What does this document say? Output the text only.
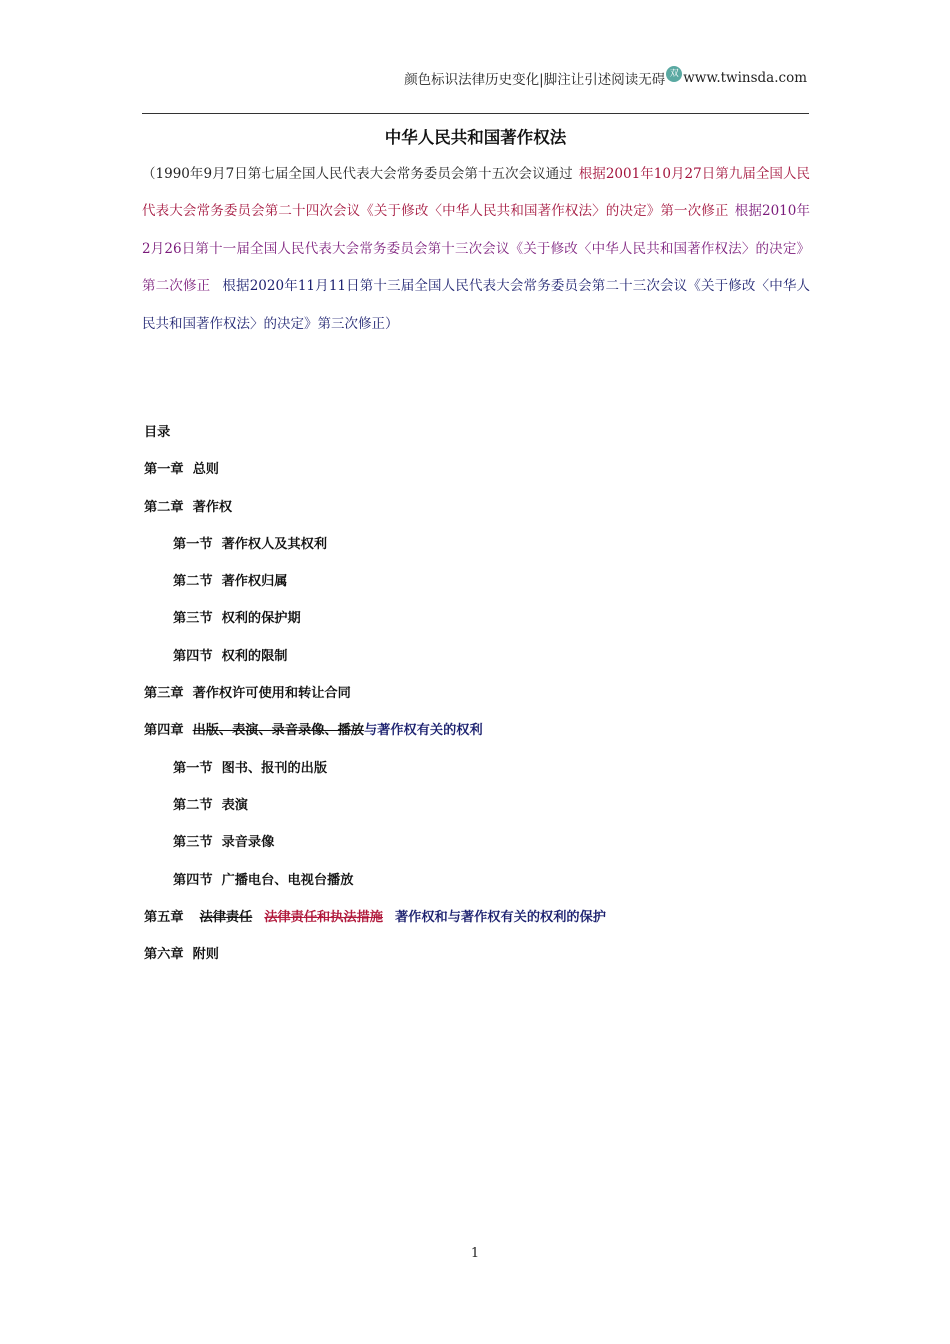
颜色标识法律历史变化|脚注让引述阅读无碍 双 www.twinsda.com
中华人民共和国著作权法

（1990年9月7日第七届全国人民代表大会常务委员会第十五次会议通过 根据2001年10月27日第九届全国人民代表大会常务委员会第二十四次会议《关于修改〈中华人民共和国著作权法〉的决定》第一次修正 根据2010年2月26日第十一届全国人民代表大会常务委员会第十三次会议《关于修改〈中华人民共和国著作权法〉的决定》第二次修正 根据2020年11月11日第十三届全国人民代表大会常务委员会第二十三次会议《关于修改〈中华人民共和国著作权法〉的决定》第三次修正）

目录
第一章 总则
第二章 著作权
第一节 著作权人及其权利
第二节 著作权归属
第三节 权利的保护期
第四节 权利的限制
第三章 著作权许可使用和转让合同
第四章 出版、表演、录音录像、播放与著作权有关的权利
第一节 图书、报刊的出版
第二节 表演
第三节 录音录像
第四节 广播电台、电视台播放
第五章 法律责任 法律责任和执法措施 著作权和与著作权有关的权利的保护
第六章 附则
1
